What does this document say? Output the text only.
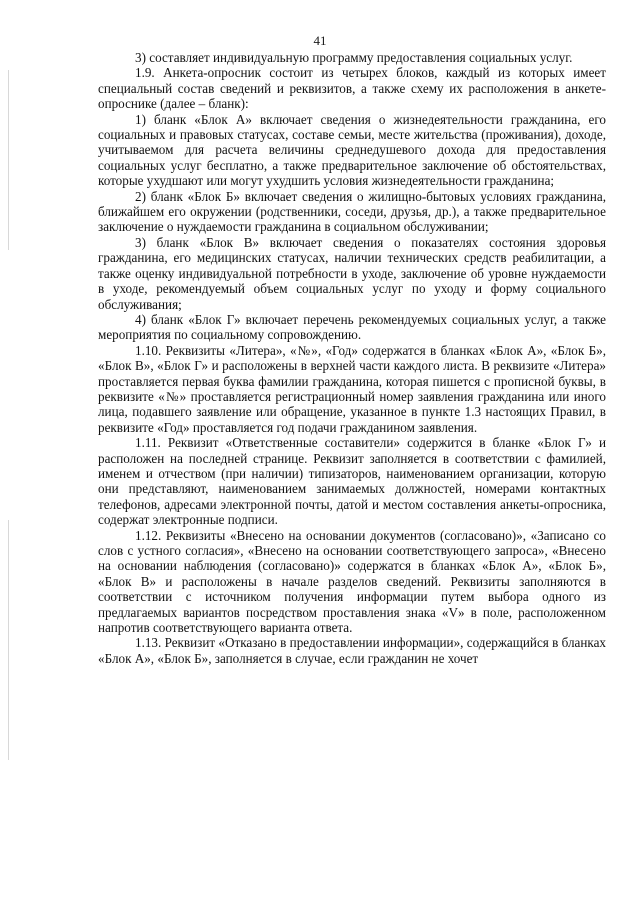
41

3) составляет индивидуальную программу предоставления социальных услуг.

1.9. Анкета-опросник состоит из четырех блоков, каждый из которых имеет специальный состав сведений и реквизитов, а также схему их расположения в анкете-опроснике (далее – бланк):

1) бланк «Блок А» включает сведения о жизнедеятельности гражданина, его социальных и правовых статусах, составе семьи, месте жительства (проживания), доходе, учитываемом для расчета величины среднедушевого дохода для предоставления социальных услуг бесплатно, а также предварительное заключение об обстоятельствах, которые ухудшают или могут ухудшить условия жизнедеятельности гражданина;

2) бланк «Блок Б» включает сведения о жилищно-бытовых условиях гражданина, ближайшем его окружении (родственники, соседи, друзья, др.), а также предварительное заключение о нуждаемости гражданина в социальном обслуживании;

3) бланк «Блок В» включает сведения о показателях состояния здоровья гражданина, его медицинских статусах, наличии технических средств реабилитации, а также оценку индивидуальной потребности в уходе, заключение об уровне нуждаемости в уходе, рекомендуемый объем социальных услуг по уходу и форму социального обслуживания;

4) бланк «Блок Г» включает перечень рекомендуемых социальных услуг, а также мероприятия по социальному сопровождению.

1.10. Реквизиты «Литера», «№», «Год» содержатся в бланках «Блок А», «Блок Б», «Блок В», «Блок Г» и расположены в верхней части каждого листа. В реквизите «Литера» проставляется первая буква фамилии гражданина, которая пишется с прописной буквы, в реквизите «№» проставляется регистрационный номер заявления гражданина или иного лица, подавшего заявление или обращение, указанное в пункте 1.3 настоящих Правил, в реквизите «Год» проставляется год подачи гражданином заявления.

1.11. Реквизит «Ответственные составители» содержится в бланке «Блок Г» и расположен на последней странице. Реквизит заполняется в соответствии с фамилией, именем и отчеством (при наличии) типизаторов, наименованием организации, которую они представляют, наименованием занимаемых должностей, номерами контактных телефонов, адресами электронной почты, датой и местом составления анкеты-опросника, содержат электронные подписи.

1.12. Реквизиты «Внесено на основании документов (согласовано)», «Записано со слов с устного согласия», «Внесено на основании соответствующего запроса», «Внесено на основании наблюдения (согласовано)» содержатся в бланках «Блок А», «Блок Б», «Блок В» и расположены в начале разделов сведений. Реквизиты заполняются в соответствии с источником получения информации путем выбора одного из предлагаемых вариантов посредством проставления знака «V» в поле, расположенном напротив соответствующего варианта ответа.

1.13. Реквизит «Отказано в предоставлении информации», содержащийся в бланках «Блок А», «Блок Б», заполняется в случае, если гражданин не хочет
